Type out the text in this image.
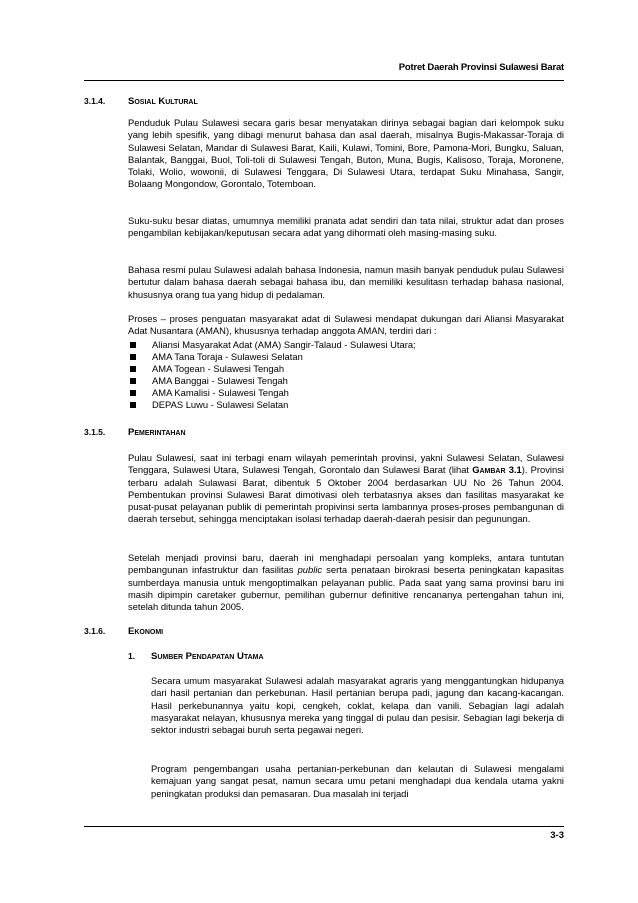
Potret Daerah Provinsi Sulawesi Barat
3.1.4. Sosial Kultural

Penduduk Pulau Sulawesi secara garis besar menyatakan dirinya sebagai bagian dari kelompok suku yang lebih spesifik, yang dibagi menurut bahasa dan asal daerah, misalnya Bugis-Makassar-Toraja di Sulawesi Selatan, Mandar di Sulawesi Barat, Kaili, Kulawi, Tomini, Bore, Pamona-Mori, Bungku, Saluan, Balantak, Banggai, Buol, Toli-toli di Sulawesi Tengah, Buton, Muna, Bugis, Kalisoso, Toraja, Moronene, Tolaki, Wolio, wowonii, di Sulawesi Tenggara, Di Sulawesi Utara, terdapat Suku Minahasa, Sangir, Bolaang Mongondow, Gorontalo, Totemboan.

Suku-suku besar diatas, umumnya memiliki pranata adat sendiri dan tata nilai, struktur adat dan proses pengambilan kebijakan/keputusan secara adat yang dihormati oleh masing-masing suku.

Bahasa resmi pulau Sulawesi adalah bahasa Indonesia, namun masih banyak penduduk pulau Sulawesi bertutur dalam bahasa daerah sebagai bahasa ibu, dan memiliki kesulitasn terhadap bahasa nasional, khususnya orang tua yang hidup di pedalaman.

Proses – proses penguatan masyarakat adat di Sulawesi mendapat dukungan dari Aliansi Masyarakat Adat Nusantara (AMAN), khususnya terhadap anggota AMAN, terdiri dari :

Aliansi Masyarakat Adat (AMA) Sangir-Talaud - Sulawesi Utara;
AMA Tana Toraja - Sulawesi Selatan
AMA Togean - Sulawesi Tengah
AMA Banggai - Sulawesi Tengah
AMA Kamalisi - Sulawesi Tengah
DEPAS Luwu - Sulawesi Selatan
3.1.5. Pemerintahan

Pulau Sulawesi, saat ini terbagi enam wilayah pemerintah provinsi, yakni Sulawesi Selatan, Sulawesi Tenggara, Sulawesi Utara, Sulawesi Tengah, Gorontalo dan Sulawesi Barat (lihat Gambar 3.1). Provinsi terbaru adalah Sulawasi Barat, dibentuk 5 Oktober 2004 berdasarkan UU No 26 Tahun 2004. Pembentukan provinsi Sulawesi Barat dimotivasi oleh terbatasnya akses dan fasilitas masyarakat ke pusat-pusat pelayanan publik di pemerintah propivinsi serta lambannya proses-proses pembangunan di daerah tersebut, sehingga menciptakan isolasi terhadap daerah-daerah pesisir dan pegunungan.

Setelah menjadi provinsi baru, daerah ini menghadapi persoalan yang kompleks, antara tuntutan pembangunan infastruktur dan fasilitas public serta penataan birokrasi beserta peningkatan kapasitas sumberdaya manusia untuk mengoptimalkan pelayanan public. Pada saat yang sama provinsi baru ini masih dipimpin caretaker gubernur, pemilihan gubernur definitive rencananya pertengahan tahun ini, setelah ditunda tahun 2005.

3.1.6. Ekonomi
1. Sumber Pendapatan Utama

Secara umum masyarakat Sulawesi adalah masyarakat agraris yang menggantungkan hidupanya dari hasil pertanian dan perkebunan. Hasil pertanian berupa padi, jagung dan kacang-kacangan. Hasil perkebunannya yaitu kopi, cengkeh, coklat, kelapa dan vanili. Sebagian lagi adalah masyarakat nelayan, khususnya mereka yang tinggal di pulau dan pesisir. Sebagian lagi bekerja di sektor industri sebagai buruh serta pegawai negeri.

Program pengembangan usaha pertanian-perkebunan dan kelautan di Sulawesi mengalami kemajuan yang sangat pesat, namun secara umu petani menghadapi dua kendala utama yakni peningkatan produksi dan pemasaran. Dua masalah ini terjadi

3-3
